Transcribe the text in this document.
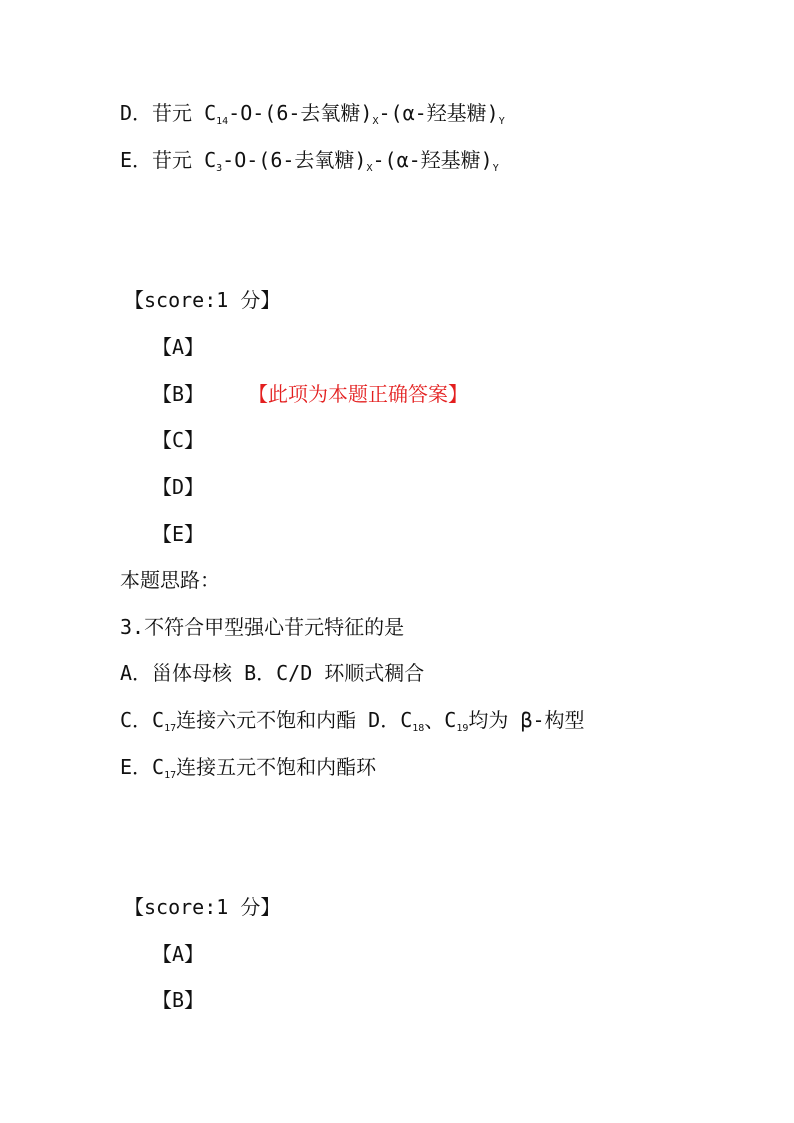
D．苷元 $C_{14}-O-(6-$去氧糖)$_X-(\alpha-$羟基糖)$_Y$
E．苷元 $C_3-O-(6-$去氧糖)$_X-(\alpha-$羟基糖)$_Y$
【score:1 分】
【A】
【B】 【此项为本题正确答案】
【C】
【D】
【E】
本题思路：
3.不符合甲型强心苷元特征的是
A．甾体母核 B．C/D 环顺式稠合
C．$C_{17}$连接六元不饱和内酯 D．$C_{18}$、$C_{19}$均为 β-构型
E．$C_{17}$连接五元不饱和内酯环
【score:1 分】
【A】
【B】
